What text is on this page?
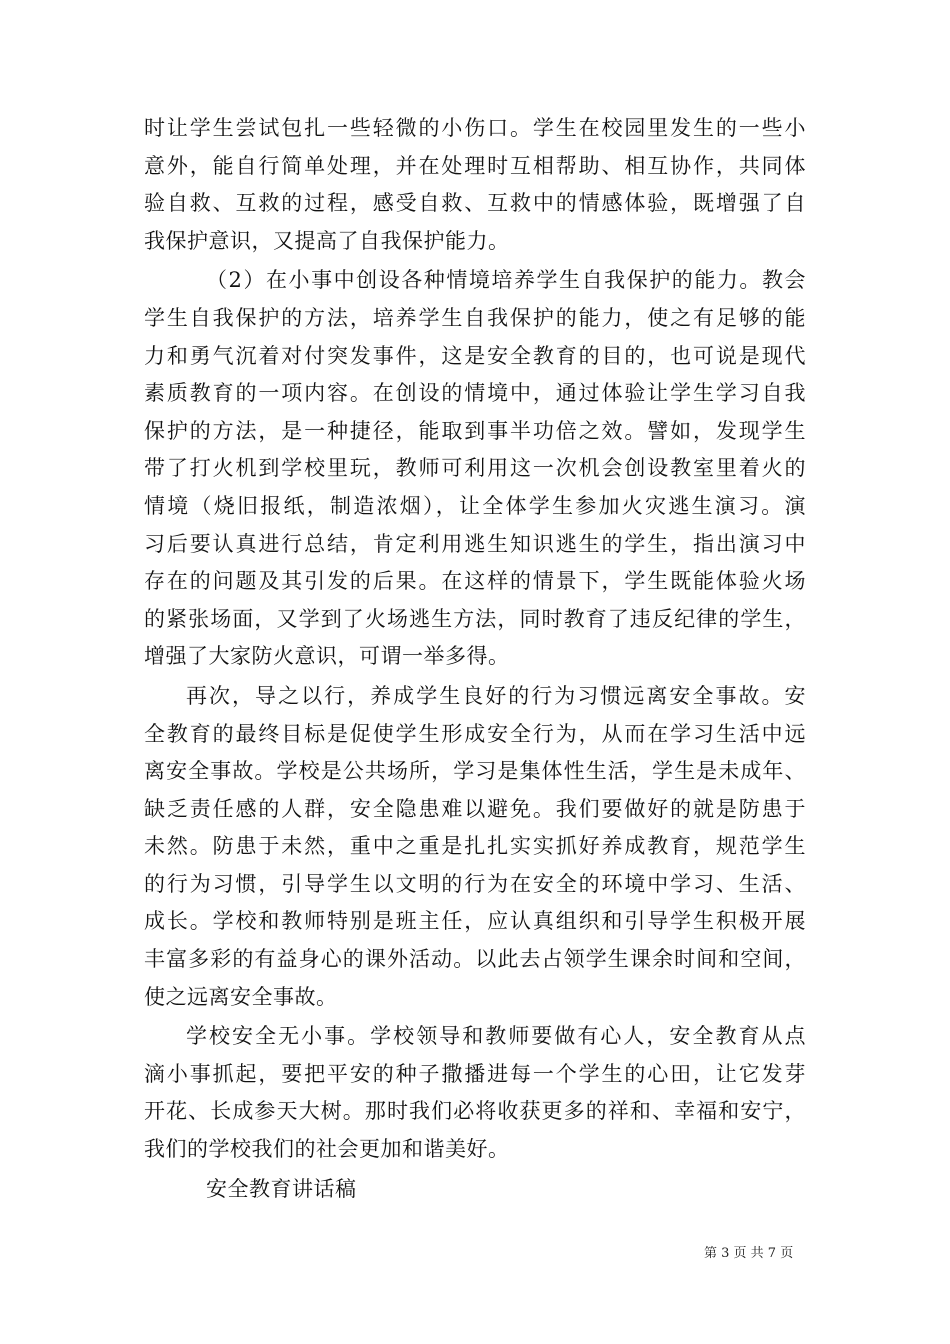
时让学生尝试包扎一些轻微的小伤口。学生在校园里发生的一些小
意外，能自行简单处理，并在处理时互相帮助、相互协作，共同体
验自救、互救的过程，感受自救、互救中的情感体验，既增强了自
我保护意识，又提高了自我保护能力。
（2）在小事中创设各种情境培养学生自我保护的能力。教会
学生自我保护的方法，培养学生自我保护的能力，使之有足够的能
力和勇气沉着对付突发事件，这是安全教育的目的，也可说是现代
素质教育的一项内容。在创设的情境中，通过体验让学生学习自我
保护的方法，是一种捷径，能取到事半功倍之效。譬如，发现学生
带了打火机到学校里玩，教师可利用这一次机会创设教室里着火的
情境（烧旧报纸，制造浓烟），让全体学生参加火灾逃生演习。演
习后要认真进行总结，肯定利用逃生知识逃生的学生，指出演习中
存在的问题及其引发的后果。在这样的情景下，学生既能体验火场
的紧张场面，又学到了火场逃生方法，同时教育了违反纪律的学生，
增强了大家防火意识，可谓一举多得。
再次，导之以行，养成学生良好的行为习惯远离安全事故。安
全教育的最终目标是促使学生形成安全行为，从而在学习生活中远
离安全事故。学校是公共场所，学习是集体性生活，学生是未成年、
缺乏责任感的人群，安全隐患难以避免。我们要做好的就是防患于
未然。防患于未然，重中之重是扎扎实实抓好养成教育，规范学生
的行为习惯，引导学生以文明的行为在安全的环境中学习、生活、
成长。学校和教师特别是班主任，应认真组织和引导学生积极开展
丰富多彩的有益身心的课外活动。以此去占领学生课余时间和空间，
使之远离安全事故。
学校安全无小事。学校领导和教师要做有心人，安全教育从点
滴小事抓起，要把平安的种子撒播进每一个学生的心田，让它发芽
开花、长成参天大树。那时我们必将收获更多的祥和、幸福和安宁，
我们的学校我们的社会更加和谐美好。
安全教育讲话稿
第 3 页 共 7 页
